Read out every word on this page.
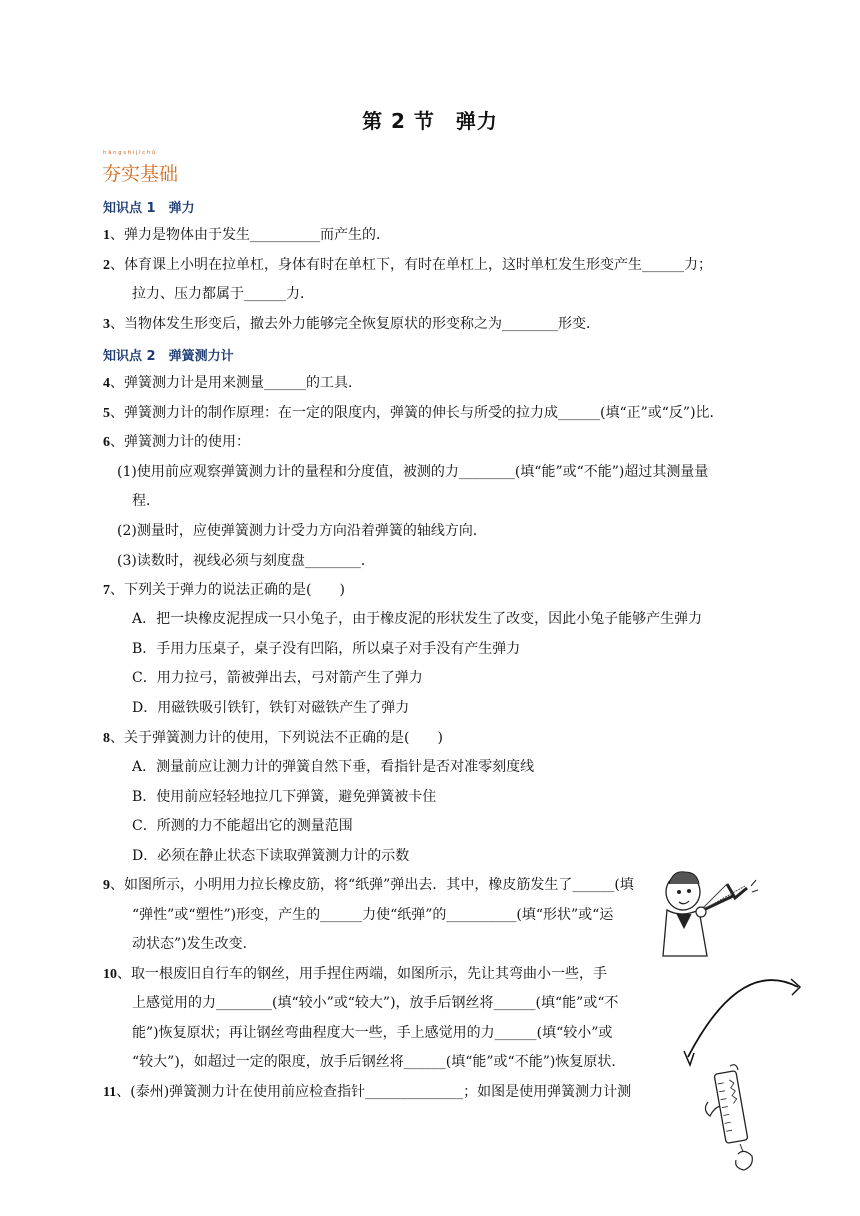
第 2 节　弹力
hāngshíjīchǔ
夯实基础
知识点 1　弹力
知识点 2　弹簧测力计
1、弹力是物体由于发生__________而产生的．
2、体育课上小明在拉单杠，身体有时在单杠下，有时在单杠上，这时单杠发生形变产生______力；
拉力、压力都属于______力．
3、当物体发生形变后，撤去外力能够完全恢复原状的形变称之为________形变．
4、弹簧测力计是用来测量______的工具．
5、弹簧测力计的制作原理：在一定的限度内，弹簧的伸长与所受的拉力成______(填“正”或“反”)比．
6、弹簧测力计的使用：
(1)使用前应观察弹簧测力计的量程和分度值，被测的力________(填“能”或“不能”)超过其测量量
程．
(2)测量时，应使弹簧测力计受力方向沿着弹簧的轴线方向．
(3)读数时，视线必须与刻度盘________．
7、下列关于弹力的说法正确的是(　　)
A．把一块橡皮泥捏成一只小兔子，由于橡皮泥的形状发生了改变，因此小兔子能够产生弹力
B．手用力压桌子，桌子没有凹陷，所以桌子对手没有产生弹力
C．用力拉弓，箭被弹出去，弓对箭产生了弹力
D．用磁铁吸引铁钉，铁钉对磁铁产生了弹力
8、关于弹簧测力计的使用，下列说法不正确的是(　　)
A．测量前应让测力计的弹簧自然下垂，看指针是否对准零刻度线
B．使用前应轻轻地拉几下弹簧，避免弹簧被卡住
C．所测的力不能超出它的测量范围
D．必须在静止状态下读取弹簧测力计的示数
9、如图所示，小明用力拉长橡皮筋，将“纸弹”弹出去．其中，橡皮筋发生了______(填
“弹性”或“塑性”)形变，产生的______力使“纸弹”的__________(填“形状”或“运
动状态”)发生改变．
10、取一根废旧自行车的钢丝，用手捏住两端，如图所示，先让其弯曲小一些，手
上感觉用的力________(填“较小”或“较大”)，放手后钢丝将______(填“能”或“不
能”)恢复原状；再让钢丝弯曲程度大一些，手上感觉用的力______(填“较小”或
“较大”)，如超过一定的限度，放手后钢丝将______(填“能”或“不能”)恢复原状．
11、(泰州)弹簧测力计在使用前应检查指针______________；如图是使用弹簧测力计测
